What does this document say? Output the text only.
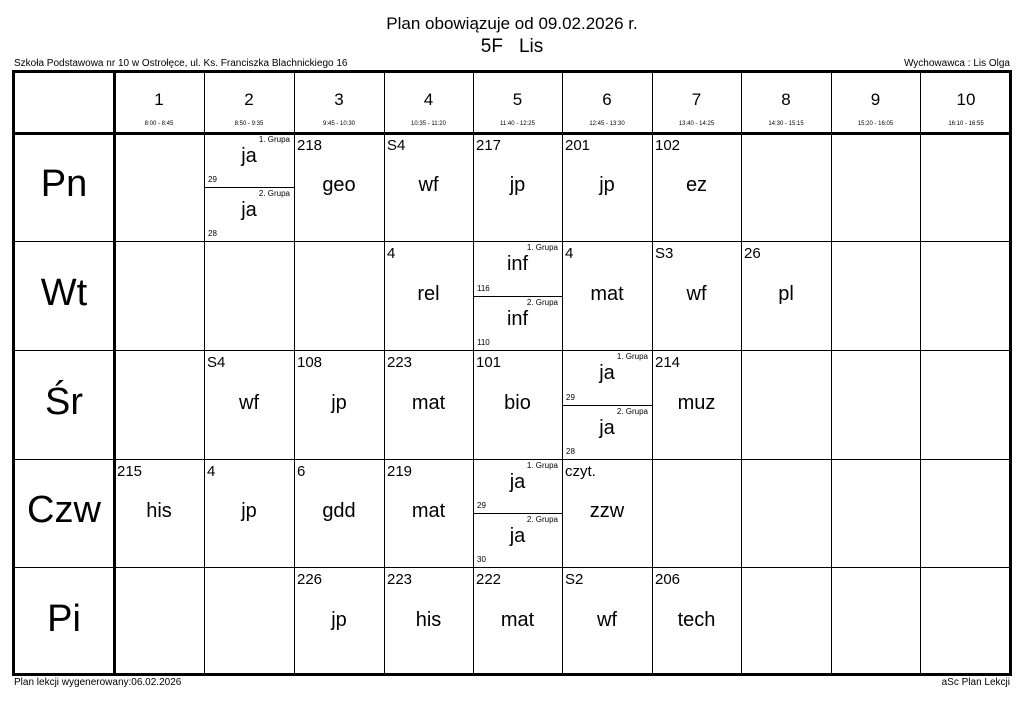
Plan obowiązuje od 09.02.2026 r.
5F Lis
Szkoła Podstawowa nr 10 w Ostrołęce, ul. Ks. Franciszka Blachnickiego 16	Wychowawca : Lis Olga
Plan lekcji wygenerowany:06.02.2026	aSc Plan Lekcji
1
8:00 - 8:45
2
8:50 - 9:35
3
9:45 - 10:30
4
10:35 - 11:20
5
11:40 - 12:25
6
12:45 - 13:30
7
13:40 - 14:25
8
14:30 - 15:15
9
15:20 - 16:05
10
16:10 - 16:55
Pn
1. Grupa
ja
29
2. Grupa
ja
28
218
geo
S4
wf
217
jp
201
jp
102
ez
Wt
4
rel
1. Grupa
inf
116
2. Grupa
inf
110
4
mat
S3
wf
26
pl
Śr
S4
wf
108
jp
223
mat
101
bio
1. Grupa
ja
29
2. Grupa
ja
28
214
muz
Czw
215
his
4
jp
6
gdd
219
mat
1. Grupa
ja
29
2. Grupa
ja
30
czyt.
zzw
Pi
226
jp
223
his
222
mat
S2
wf
206
tech
